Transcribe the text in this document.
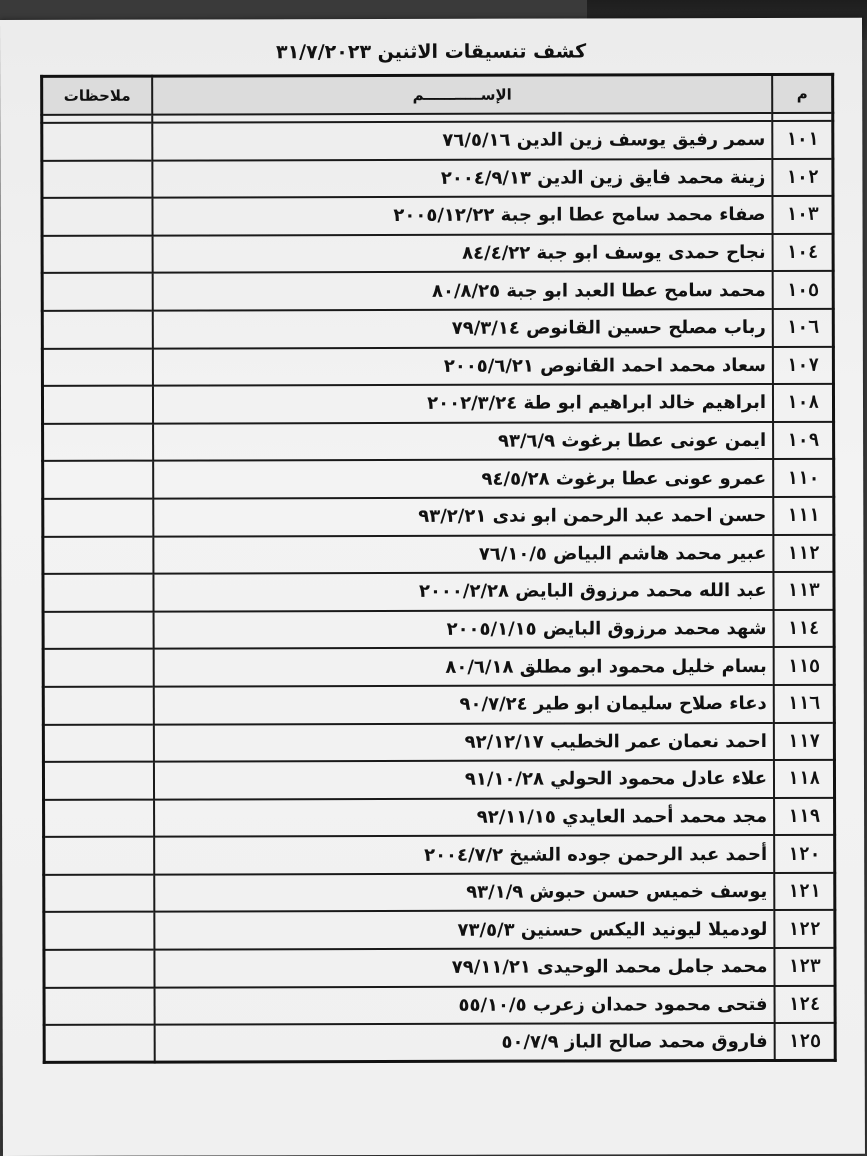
كشف تنسيقات الاثنين ٣١/٧/٢٠٢٣
م	الإســـــــــــم	ملاحظات

١٠١	سمر رفيق يوسف زين الدين ٧٦/٥/١٦	
١٠٢	زينة محمد فايق زين الدين ٢٠٠٤/٩/١٣	
١٠٣	صفاء محمد سامح عطا ابو جبة ٢٠٠٥/١٢/٢٢	
١٠٤	نجاح حمدى يوسف ابو جبة ٨٤/٤/٢٢	
١٠٥	محمد سامح عطا العبد ابو جبة ٨٠/٨/٢٥	
١٠٦	رباب مصلح حسين القانوص ٧٩/٣/١٤	
١٠٧	سعاد محمد احمد القانوص ٢٠٠٥/٦/٢١	
١٠٨	ابراهيم خالد ابراهيم ابو طة ٢٠٠٢/٣/٢٤	
١٠٩	ايمن عونى عطا برغوث ٩٣/٦/٩	
١١٠	عمرو عونى عطا برغوث ٩٤/٥/٢٨	
١١١	حسن احمد عبد الرحمن ابو ندى ٩٣/٢/٢١	
١١٢	عبير محمد هاشم البياض ٧٦/١٠/٥	
١١٣	عبد الله محمد مرزوق البايض ٢٠٠٠/٢/٢٨	
١١٤	شهد محمد مرزوق البايض ٢٠٠٥/١/١٥	
١١٥	بسام خليل محمود ابو مطلق ٨٠/٦/١٨	
١١٦	دعاء صلاح سليمان ابو طير ٩٠/٧/٢٤	
١١٧	احمد نعمان عمر الخطيب ٩٢/١٢/١٧	
١١٨	علاء عادل محمود الحولي ٩١/١٠/٢٨	
١١٩	مجد محمد أحمد العايدي ٩٢/١١/١٥	
١٢٠	أحمد عبد الرحمن جوده الشيخ ٢٠٠٤/٧/٢	
١٢١	يوسف خميس حسن حبوش ٩٣/١/٩	
١٢٢	لودميلا ليونيد اليكس حسنين ٧٣/٥/٣	
١٢٣	محمد جامل محمد الوحيدى ٧٩/١١/٢١	
١٢٤	فتحى محمود حمدان زعرب ٥٥/١٠/٥	
١٢٥	فاروق محمد صالح الباز ٥٠/٧/٩	
